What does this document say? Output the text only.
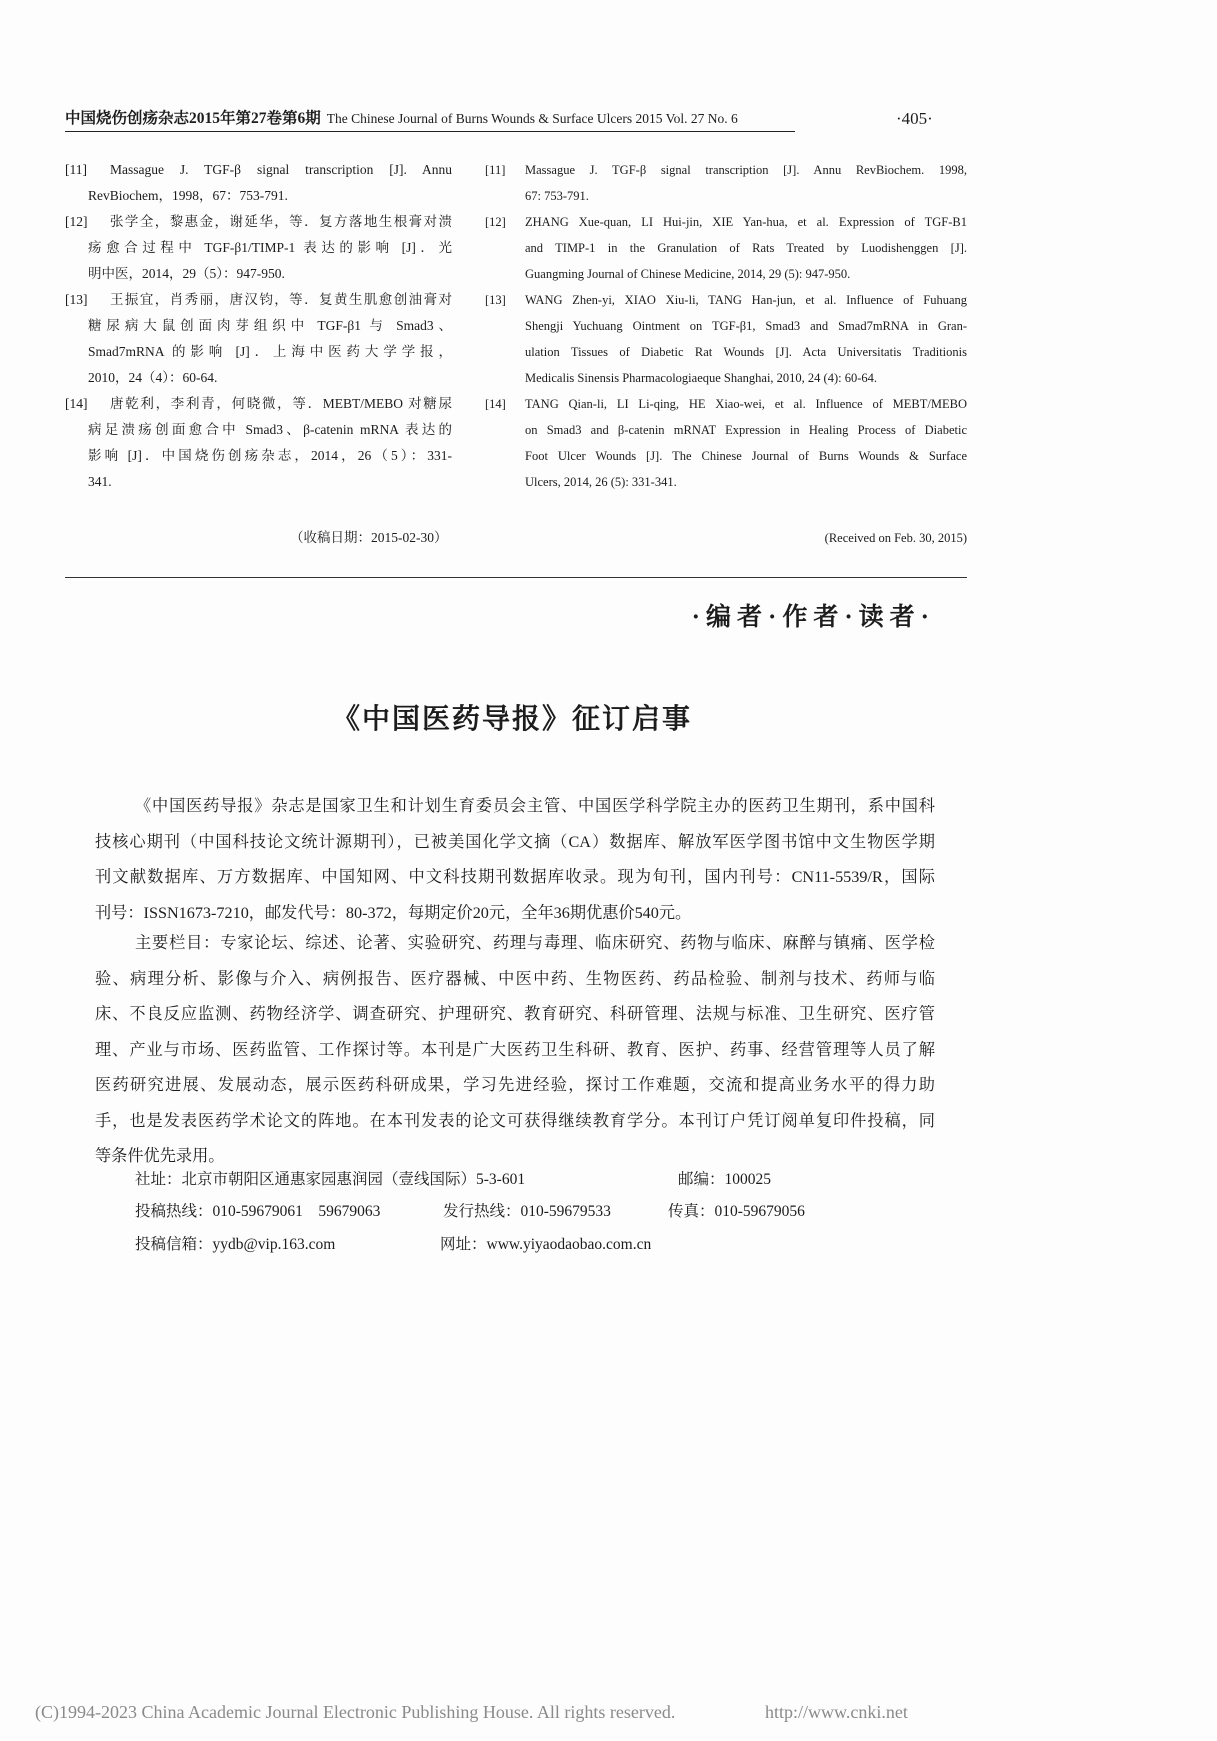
中国烧伤创疡杂志2015年第27卷第6期 The Chinese Journal of Burns Wounds & Surface Ulcers 2015 Vol. 27 No. 6	·405·
[11] Massague J. TGF-β signal transcription [J]. Annu
RevBiochem，1998，67：753-791.
[12] 张学全，黎惠金，谢延华，等．复方落地生根膏对溃
疡愈合过程中 TGF-β1/TIMP-1 表达的影响 [J]．光
明中医，2014，29（5）：947-950.
[13] 王振宜，肖秀丽，唐汉钧，等．复黄生肌愈创油膏对
糖尿病大鼠创面肉芽组织中 TGF-β1 与 Smad3、
Smad7mRNA 的影响 [J]．上海中医药大学学报，
2010，24（4）：60-64.
[14] 唐乾利，李利青，何晓微，等．MEBT/MEBO 对糖尿
病足溃疡创面愈合中 Smad3、β-catenin mRNA 表达的
影响 [J]．中国烧伤创疡杂志，2014，26（5）：331-
341.
[11] Massague J. TGF-β signal transcription [J]. Annu RevBiochem. 1998,
67: 753-791.
[12] ZHANG Xue-quan, LI Hui-jin, XIE Yan-hua, et al. Expression of TGF-B1
and TIMP-1 in the Granulation of Rats Treated by Luodishenggen [J].
Guangming Journal of Chinese Medicine, 2014, 29 (5): 947-950.
[13] WANG Zhen-yi, XIAO Xiu-li, TANG Han-jun, et al. Influence of Fuhuang
Shengji Yuchuang Ointment on TGF-β1, Smad3 and Smad7mRNA in Gran-
ulation Tissues of Diabetic Rat Wounds [J]. Acta Universitatis Traditionis
Medicalis Sinensis Pharmacologiaeque Shanghai, 2010, 24 (4): 60-64.
[14] TANG Qian-li, LI Li-qing, HE Xiao-wei, et al. Influence of MEBT/MEBO
on Smad3 and β-catenin mRNAT Expression in Healing Process of Diabetic
Foot Ulcer Wounds [J]. The Chinese Journal of Burns Wounds & Surface
Ulcers, 2014, 26 (5): 331-341.
（收稿日期：2015-02-30）	(Received on Feb. 30, 2015)
·编者·作者·读者·
《中国医药导报》征订启事
《中国医药导报》杂志是国家卫生和计划生育委员会主管、中国医学科学院主办的医药卫生期刊，系中国科
技核心期刊（中国科技论文统计源期刊），已被美国化学文摘（CA）数据库、解放军医学图书馆中文生物医学期
刊文献数据库、万方数据库、中国知网、中文科技期刊数据库收录。现为旬刊，国内刊号：CN11-5539/R，国际
刊号：ISSN1673-7210，邮发代号：80-372，每期定价20元，全年36期优惠价540元。
主要栏目：专家论坛、综述、论著、实验研究、药理与毒理、临床研究、药物与临床、麻醉与镇痛、医学检
验、病理分析、影像与介入、病例报告、医疗器械、中医中药、生物医药、药品检验、制剂与技术、药师与临
床、不良反应监测、药物经济学、调查研究、护理研究、教育研究、科研管理、法规与标准、卫生研究、医疗管
理、产业与市场、医药监管、工作探讨等。本刊是广大医药卫生科研、教育、医护、药事、经营管理等人员了解
医药研究进展、发展动态，展示医药科研成果，学习先进经验，探讨工作难题，交流和提高业务水平的得力助
手，也是发表医药学术论文的阵地。在本刊发表的论文可获得继续教育学分。本刊订户凭订阅单复印件投稿，同
等条件优先录用。
社址：北京市朝阳区通惠家园惠润园（壹线国际）5-3-601	邮编：100025
投稿热线：010-59679061　59679063	发行热线：010-59679533	传真：010-59679056
投稿信箱：yydb@vip.163.com	网址：www.yiyaodaobao.com.cn
(C)1994-2023 China Academic Journal Electronic Publishing House. All rights reserved.	http://www.cnki.net
